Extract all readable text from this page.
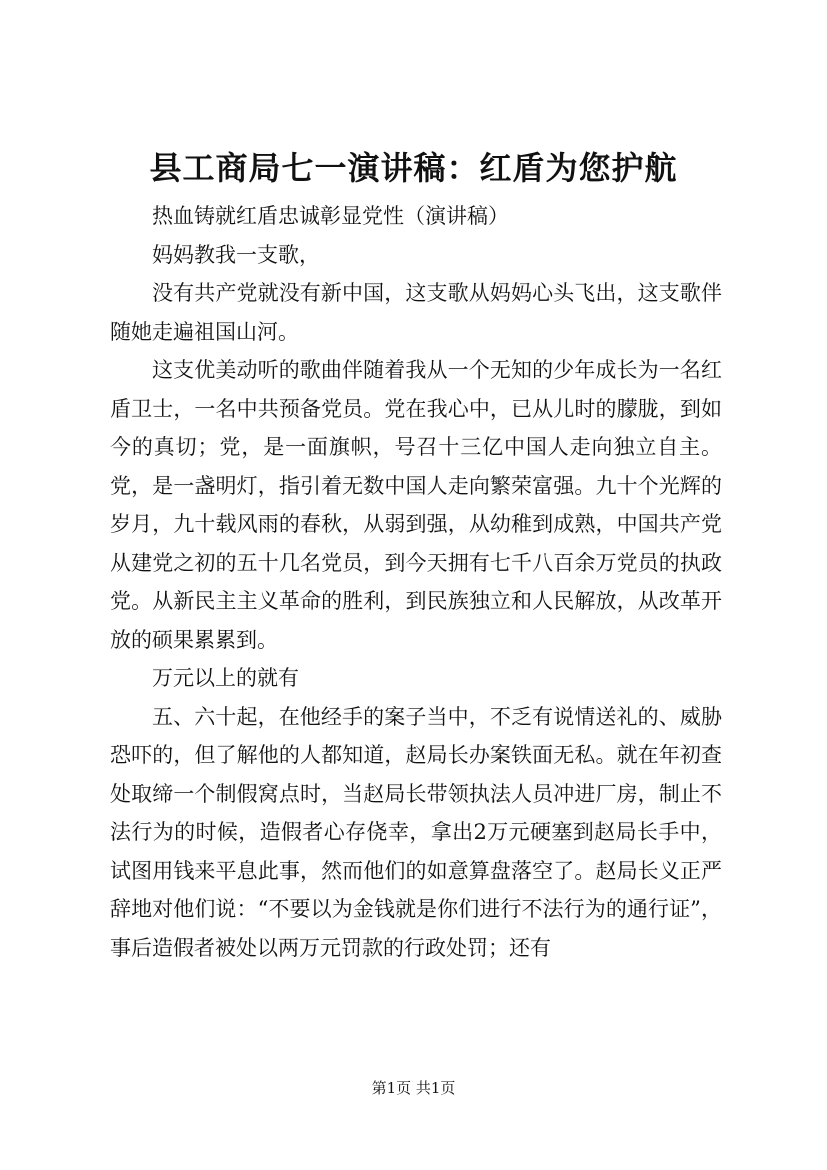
县工商局七一演讲稿：红盾为您护航

热血铸就红盾忠诚彰显党性（演讲稿）

妈妈教我一支歌，

没有共产党就没有新中国，这支歌从妈妈心头飞出，这支歌伴随她走遍祖国山河。

这支优美动听的歌曲伴随着我从一个无知的少年成长为一名红盾卫士，一名中共预备党员。党在我心中，已从儿时的朦胧，到如今的真切；党，是一面旗帜，号召十三亿中国人走向独立自主。党，是一盏明灯，指引着无数中国人走向繁荣富强。九十个光辉的岁月，九十载风雨的春秋，从弱到强，从幼稚到成熟，中国共产党从建党之初的五十几名党员，到今天拥有七千八百余万党员的执政党。从新民主主义革命的胜利，到民族独立和人民解放，从改革开放的硕果累累到。

万元以上的就有

五、六十起，在他经手的案子当中，不乏有说情送礼的、威胁恐吓的，但了解他的人都知道，赵局长办案铁面无私。就在年初查处取缔一个制假窝点时，当赵局长带领执法人员冲进厂房，制止不法行为的时候，造假者心存侥幸，拿出2万元硬塞到赵局长手中，试图用钱来平息此事，然而他们的如意算盘落空了。赵局长义正严辞地对他们说：“不要以为金钱就是你们进行不法行为的通行证”，事后造假者被处以两万元罚款的行政处罚；还有

第1页 共1页
